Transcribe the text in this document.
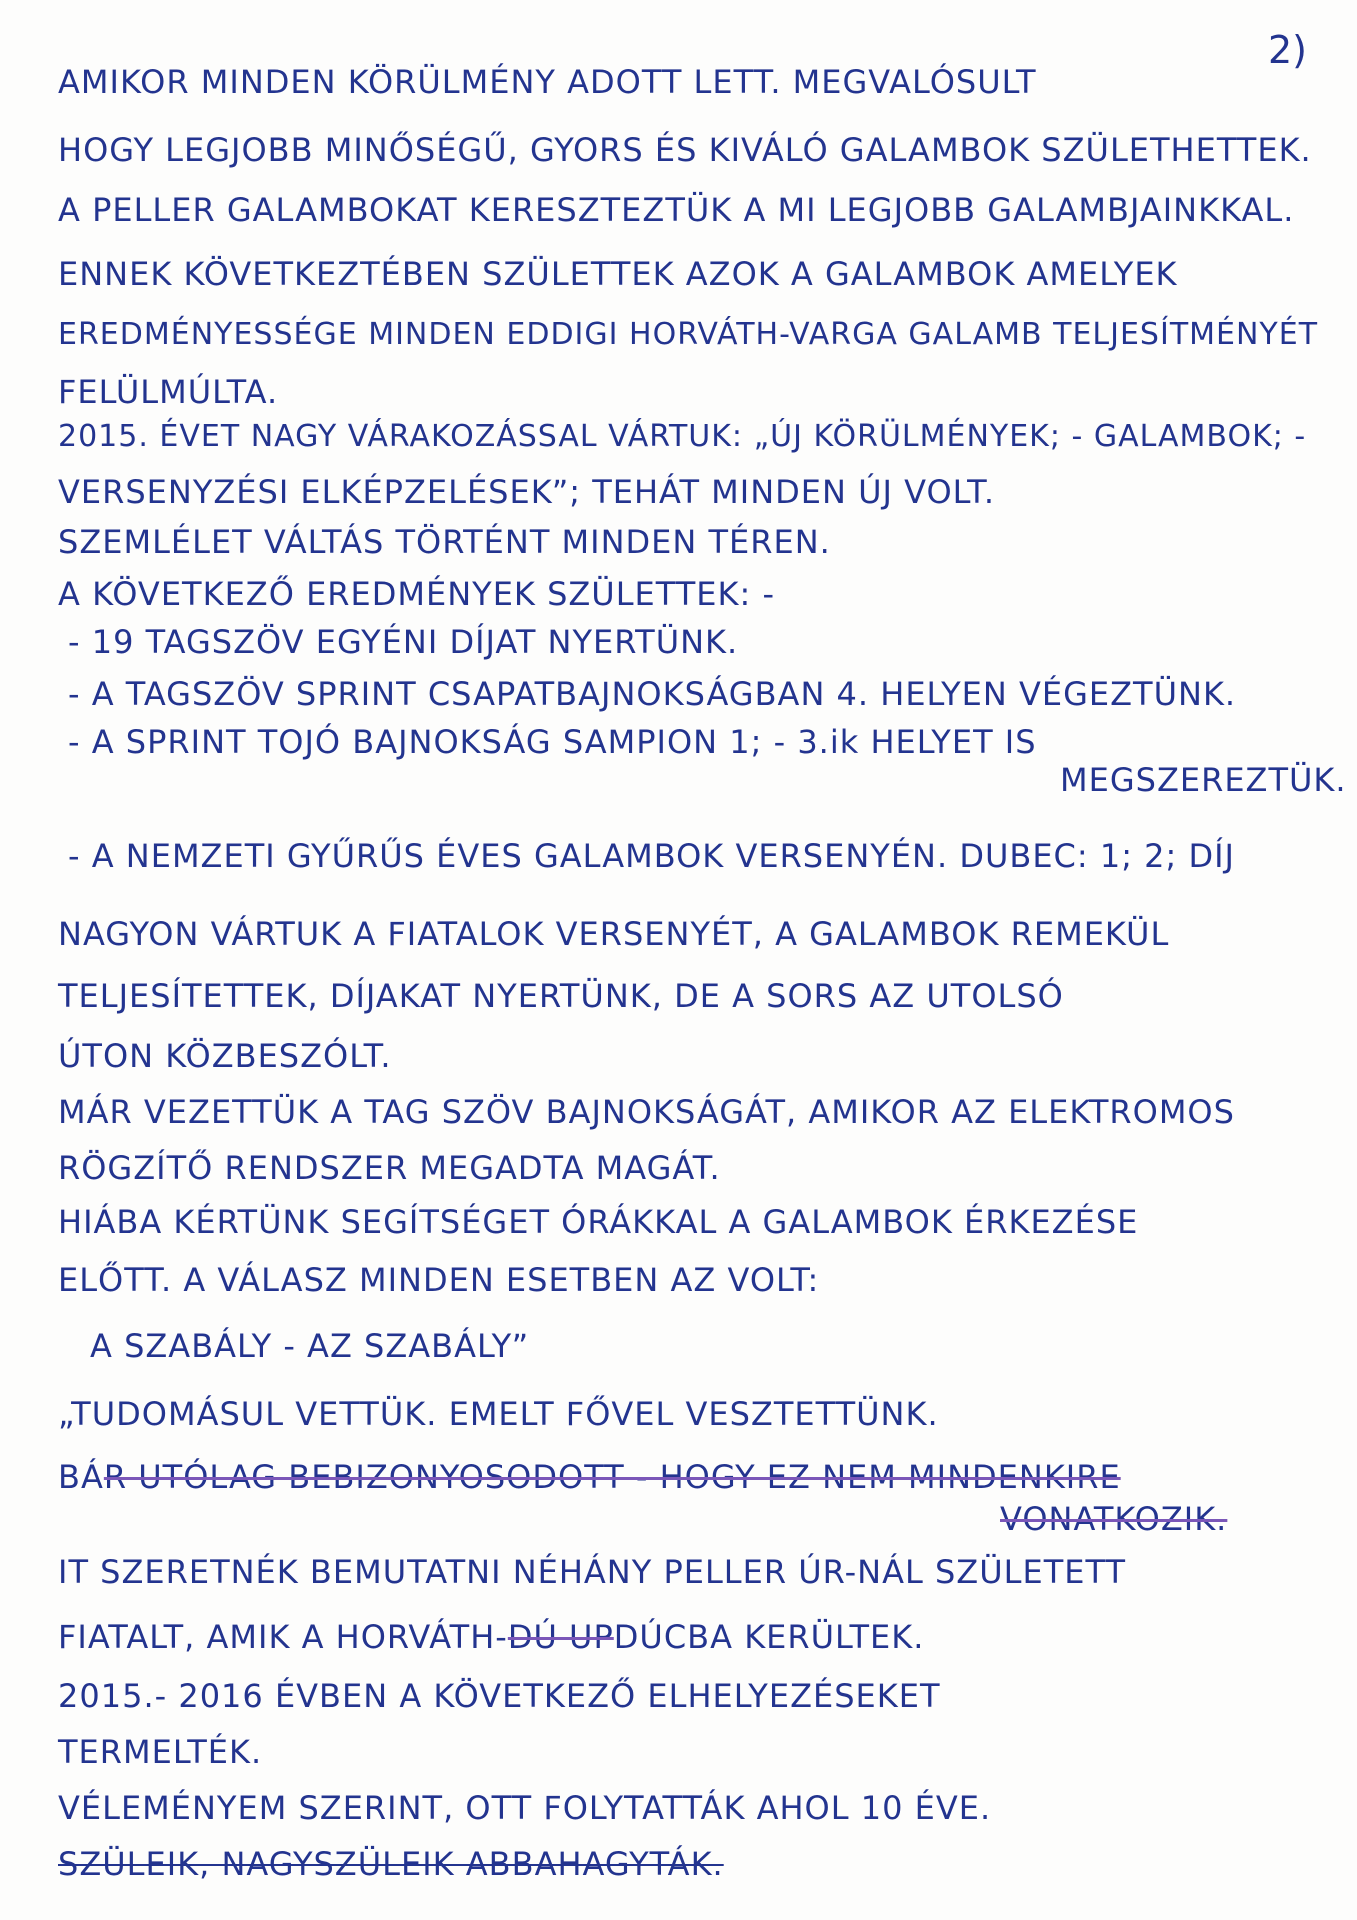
2)
AMIKOR MINDEN KÖRÜLMÉNY ADOTT LETT. MEGVALÓSULT
HOGY LEGJOBB MINŐSÉGŰ, GYORS ÉS KIVÁLÓ GALAMBOK SZÜLETHETTEK.
A PELLER GALAMBOKAT KERESZTEZTÜK A MI LEGJOBB GALAMBJAINKKAL.
ENNEK KÖVETKEZTÉBEN SZÜLETTEK AZOK A GALAMBOK AMELYEK
EREDMÉNYESSÉGE MINDEN EDDIGI HORVÁTH-VARGA GALAMB TELJESÍTMÉNYÉT
FELÜLMÚLTA.
2015. ÉVET NAGY VÁRAKOZÁSSAL VÁRTUK: „ÚJ KÖRÜLMÉNYEK; - GALAMBOK; -
VERSENYZÉSI ELKÉPZELÉSEK”; TEHÁT MINDEN ÚJ VOLT.
SZEMLÉLET VÁLTÁS TÖRTÉNT MINDEN TÉREN.
A KÖVETKEZŐ EREDMÉNYEK SZÜLETTEK: -
- 19 TAGSZÖV EGYÉNI DÍJAT NYERTÜNK.
- A TAGSZÖV SPRINT CSAPATBAJNOKSÁGBAN 4. HELYEN VÉGEZTÜNK.
- A SPRINT TOJÓ BAJNOKSÁG SAMPION 1; - 3.ik HELYET IS
MEGSZEREZTÜK.
- A NEMZETI GYŰRŰS ÉVES GALAMBOK VERSENYÉN. DUBEC: 1; 2; DÍJ
NAGYON VÁRTUK A FIATALOK VERSENYÉT, A GALAMBOK REMEKÜL
TELJESÍTETTEK, DÍJAKAT NYERTÜNK, DE A SORS AZ UTOLSÓ
ÚTON KÖZBESZÓLT.
MÁR VEZETTÜK A TAG SZÖV BAJNOKSÁGÁT, AMIKOR AZ ELEKTROMOS
RÖGZÍTŐ RENDSZER MEGADTA MAGÁT.
HIÁBA KÉRTÜNK SEGÍTSÉGET ÓRÁKKAL A GALAMBOK ÉRKEZÉSE
ELŐTT. A VÁLASZ MINDEN ESETBEN AZ VOLT:
A SZABÁLY - AZ SZABÁLY”
„TUDOMÁSUL VETTÜK. EMELT FŐVEL VESZTETTÜNK.
BÁR UTÓLAG BEBIZONYOSODOTT - HOGY EZ NEM MINDENKIRE
VONATKOZIK.
IT SZERETNÉK BEMUTATNI NÉHÁNY PELLER ÚR-NÁL SZÜLETETT
FIATALT, AMIK A HORVÁTH-DÚ UPDÚCBA KERÜLTEK.
2015.- 2016 ÉVBEN A KÖVETKEZŐ ELHELYEZÉSEKET
TERMELTÉK.
VÉLEMÉNYEM SZERINT, OTT FOLYTATTÁK AHOL 10 ÉVE.
SZÜLEIK, NAGYSZÜLEIK ABBAHAGYTÁK.
